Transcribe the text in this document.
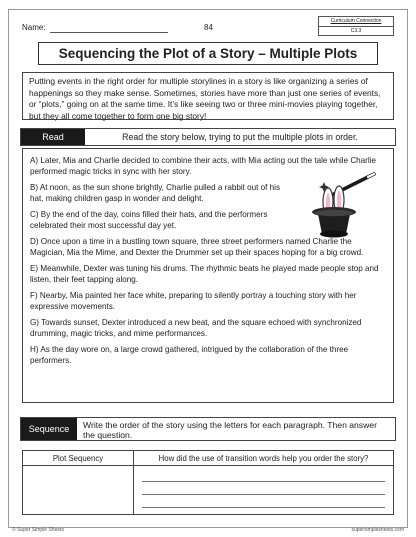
Name:	84
Curriculum Connection
C3.3
Sequencing the Plot of a Story – Multiple Plots
Putting events in the right order for multiple storylines in a story is like organizing a series of happenings so they make sense. Sometimes, stories have more than just one series of events, or “plots,” going on at the same time. It’s like seeing two or three mini-movies playing together, but they all come together to form one big story!
Read	Read the story below, trying to put the multiple plots in order.

A) Later, Mia and Charlie decided to combine their acts, with Mia acting out the tale while Charlie performed magic tricks in sync with her story.

B) At noon, as the sun shone brightly, Charlie pulled a rabbit out of his hat, making children gasp in wonder and delight.

C) By the end of the day, coins filled their hats, and the performers celebrated their most successful day yet.

D) Once upon a time in a bustling town square, three street performers named Charlie the Magician, Mia the Mime, and Dexter the Drummer set up their spaces hoping for a big crowd.

E) Meanwhile, Dexter was tuning his drums. The rhythmic beats he played made people stop and listen, their feet tapping along.

F) Nearby, Mia painted her face white, preparing to silently portray a touching story with her expressive movements.

G) Towards sunset, Dexter introduced a new beat, and the square echoed with synchronized drumming, magic tricks, and mime performances.

H) As the day wore on, a large crowd gathered, intrigued by the collaboration of the three performers.

Sequence	Write the order of the story using the letters for each paragraph. Then answer the question.
Plot Sequency	How did the use of transition words help you order the story?
© Super Simple Sheets	supersimplesheets.com
